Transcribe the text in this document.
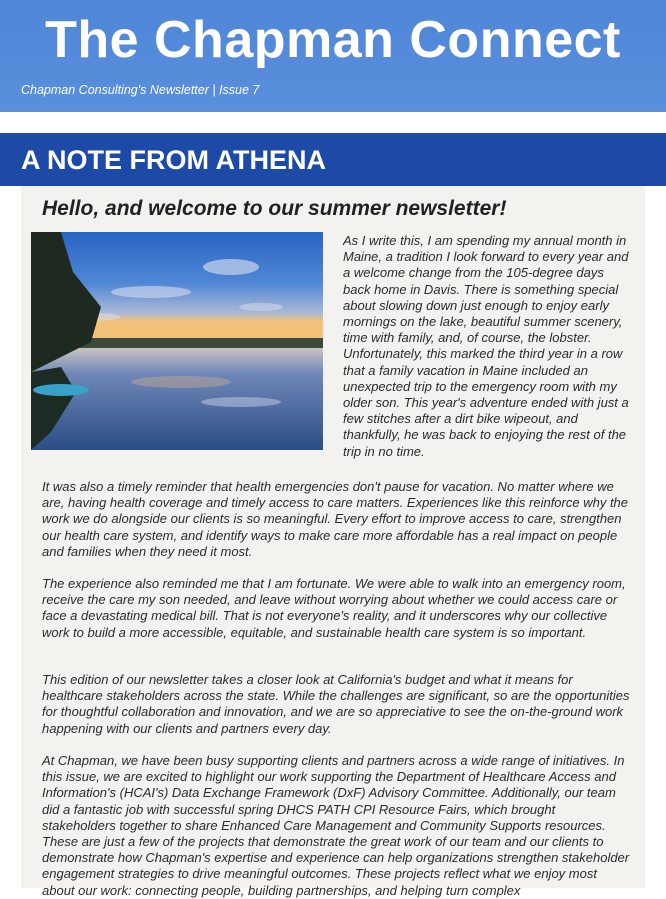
The Chapman Connect
Chapman Consulting's Newsletter | Issue 7
A NOTE FROM ATHENA
Hello, and welcome to our summer newsletter!

As I write this, I am spending my annual month in Maine, a tradition I look forward to every year and a welcome change from the 105-degree days back home in Davis. There is something special about slowing down just enough to enjoy early mornings on the lake, beautiful summer scenery, time with family, and, of course, the lobster. Unfortunately, this marked the third year in a row that a family vacation in Maine included an unexpected trip to the emergency room with my older son. This year's adventure ended with just a few stitches after a dirt bike wipeout, and thankfully, he was back to enjoying the rest of the trip in no time.

It was also a timely reminder that health emergencies don't pause for vacation. No matter where we are, having health coverage and timely access to care matters. Experiences like this reinforce why the work we do alongside our clients is so meaningful. Every effort to improve access to care, strengthen our health care system, and identify ways to make care more affordable has a real impact on people and families when they need it most.

The experience also reminded me that I am fortunate. We were able to walk into an emergency room, receive the care my son needed, and leave without worrying about whether we could access care or face a devastating medical bill. That is not everyone's reality, and it underscores why our collective work to build a more accessible, equitable, and sustainable health care system is so important.

This edition of our newsletter takes a closer look at California's budget and what it means for healthcare stakeholders across the state. While the challenges are significant, so are the opportunities for thoughtful collaboration and innovation, and we are so appreciative to see the on-the-ground work happening with our clients and partners every day.

At Chapman, we have been busy supporting clients and partners across a wide range of initiatives. In this issue, we are excited to highlight our work supporting the Department of Healthcare Access and Information's (HCAI's) Data Exchange Framework (DxF) Advisory Committee. Additionally, our team did a fantastic job with successful spring DHCS PATH CPI Resource Fairs, which brought stakeholders together to share Enhanced Care Management and Community Supports resources. These are just a few of the projects that demonstrate the great work of our team and our clients to demonstrate how Chapman's expertise and experience can help organizations strengthen stakeholder engagement strategies to drive meaningful outcomes. These projects reflect what we enjoy most about our work: connecting people, building partnerships, and helping turn complex
